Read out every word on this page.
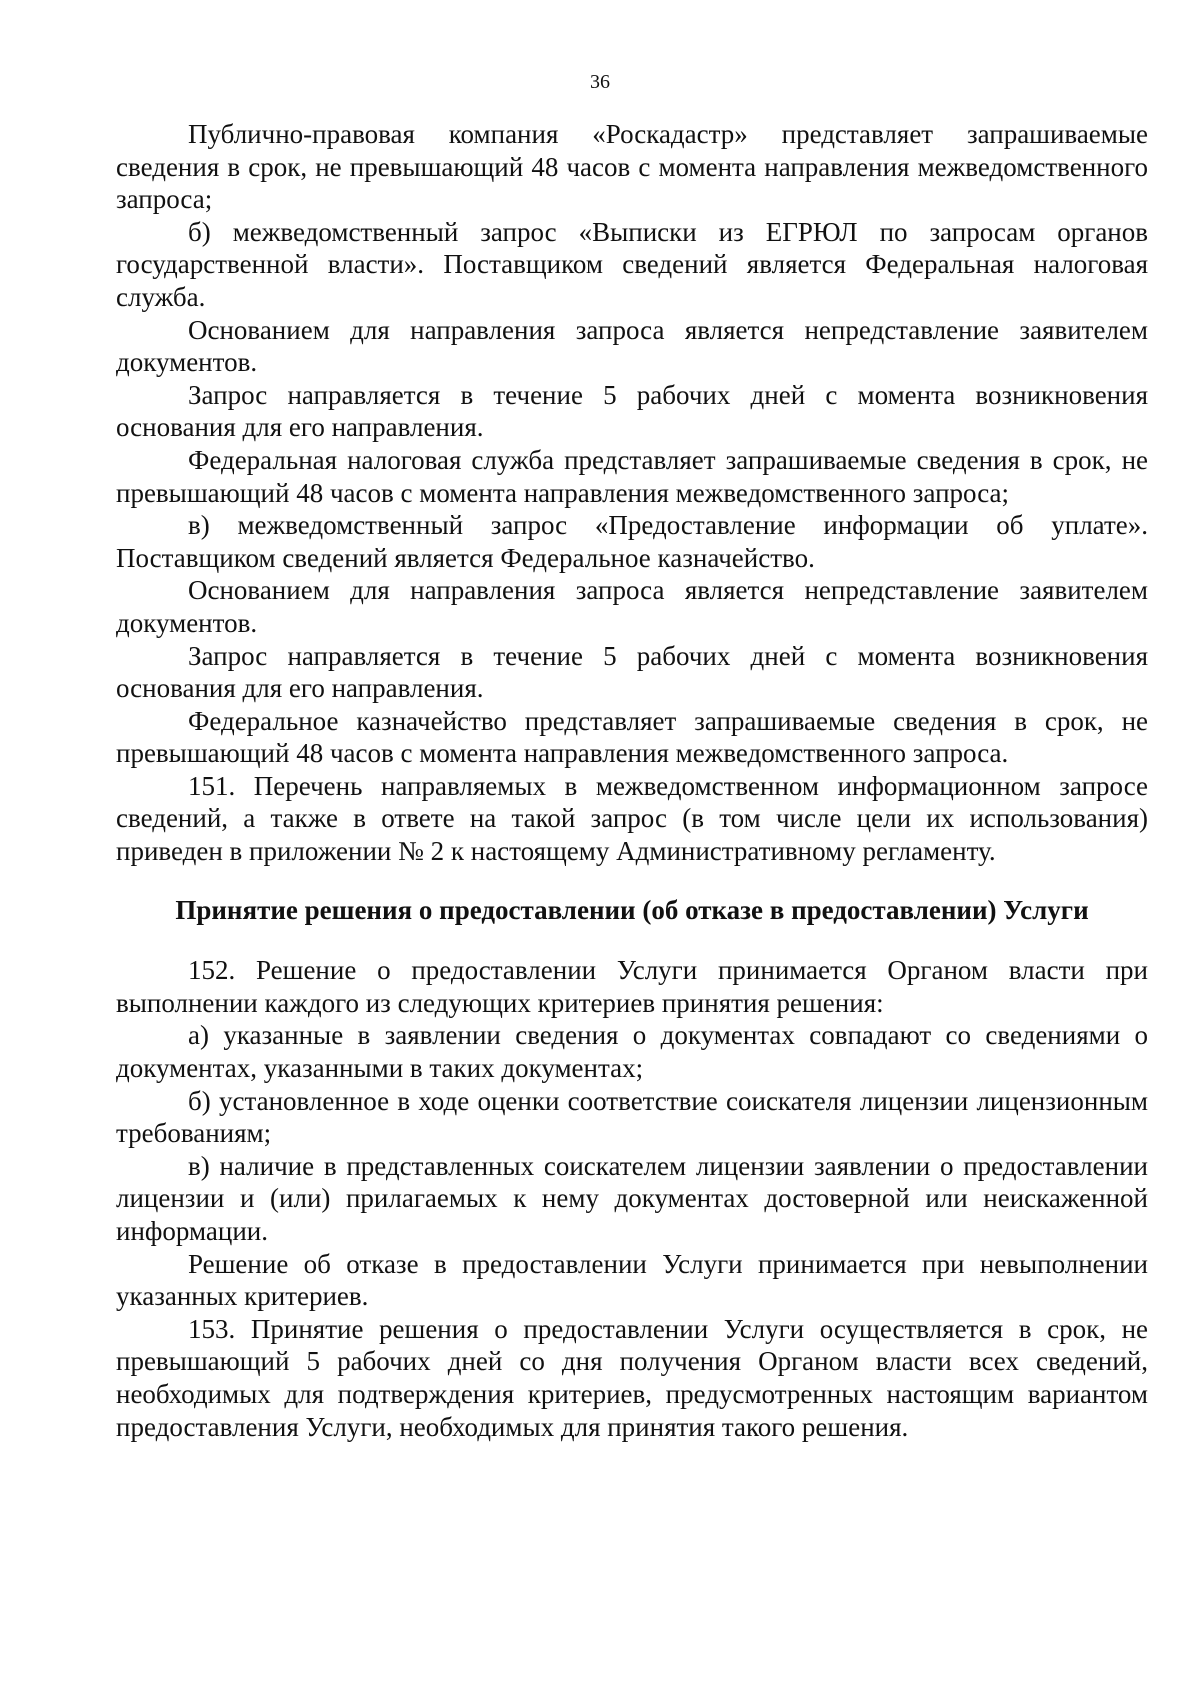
36

Публично-правовая компания «Роскадастр» представляет запрашиваемые сведения в срок, не превышающий 48 часов с момента направления межведомственного запроса;

б) межведомственный запрос «Выписки из ЕГРЮЛ по запросам органов государственной власти». Поставщиком сведений является Федеральная налоговая служба.

Основанием для направления запроса является непредставление заявителем документов.

Запрос направляется в течение 5 рабочих дней с момента возникновения основания для его направления.

Федеральная налоговая служба представляет запрашиваемые сведения в срок, не превышающий 48 часов с момента направления межведомственного запроса;

в) межведомственный запрос «Предоставление информации об уплате». Поставщиком сведений является Федеральное казначейство.

Основанием для направления запроса является непредставление заявителем документов.

Запрос направляется в течение 5 рабочих дней с момента возникновения основания для его направления.

Федеральное казначейство представляет запрашиваемые сведения в срок, не превышающий 48 часов с момента направления межведомственного запроса.

151. Перечень направляемых в межведомственном информационном запросе сведений, а также в ответе на такой запрос (в том числе цели их использования) приведен в приложении № 2 к настоящему Административному регламенту.

Принятие решения о предоставлении (об отказе в предоставлении) Услуги

152. Решение о предоставлении Услуги принимается Органом власти при выполнении каждого из следующих критериев принятия решения:

а) указанные в заявлении сведения о документах совпадают со сведениями о документах, указанными в таких документах;

б) установленное в ходе оценки соответствие соискателя лицензии лицензионным требованиям;

в) наличие в представленных соискателем лицензии заявлении о предоставлении лицензии и (или) прилагаемых к нему документах достоверной или неискаженной информации.

Решение об отказе в предоставлении Услуги принимается при невыполнении указанных критериев.

153. Принятие решения о предоставлении Услуги осуществляется в срок, не превышающий 5 рабочих дней со дня получения Органом власти всех сведений, необходимых для подтверждения критериев, предусмотренных настоящим вариантом предоставления Услуги, необходимых для принятия такого решения.
